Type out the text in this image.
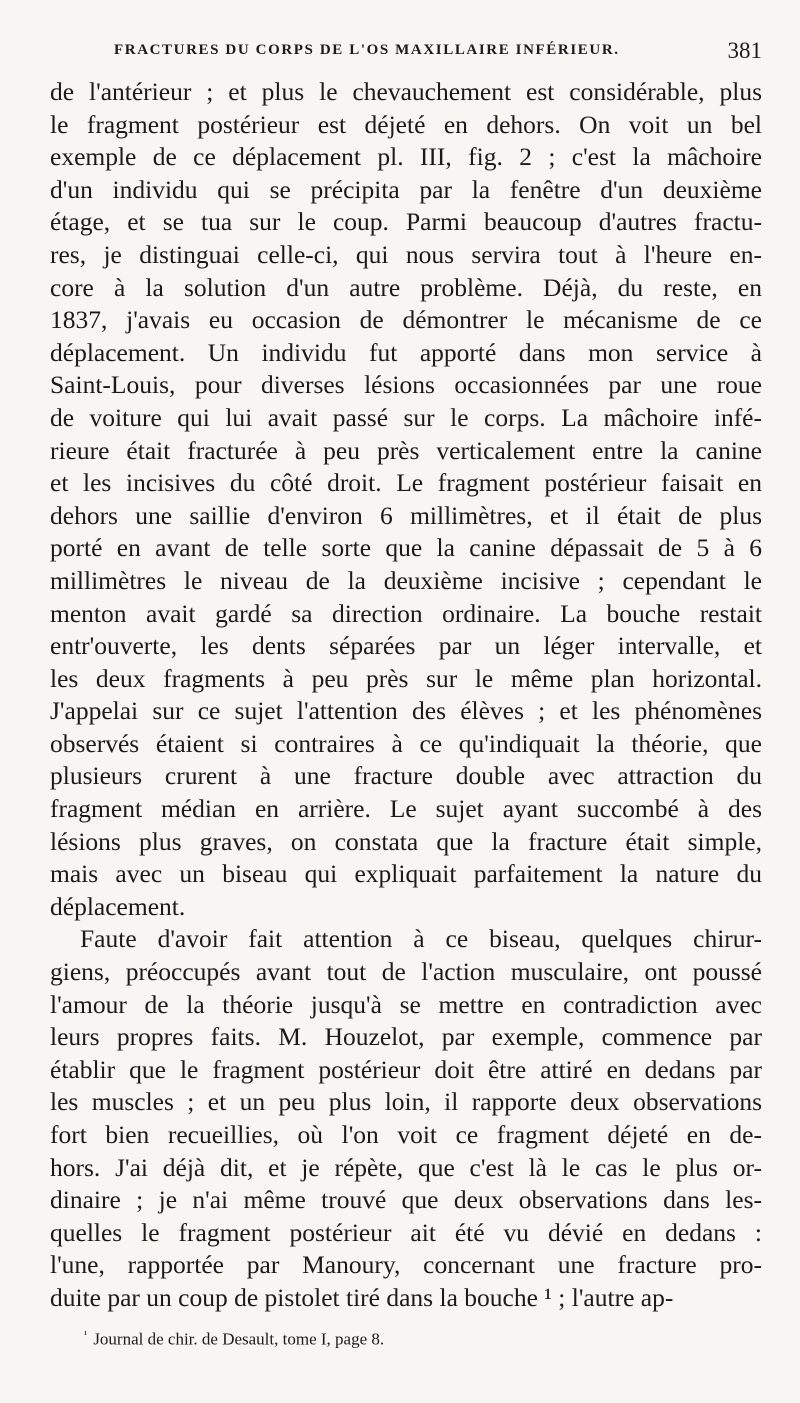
FRACTURES DU CORPS DE L'OS MAXILLAIRE INFÉRIEUR.	381
de l'antérieur ; et plus le chevauchement est considérable, plus
le fragment postérieur est déjeté en dehors. On voit un bel
exemple de ce déplacement pl. III, fig. 2 ; c'est la mâchoire
d'un individu qui se précipita par la fenêtre d'un deuxième
étage, et se tua sur le coup. Parmi beaucoup d'autres fractu-
res, je distinguai celle-ci, qui nous servira tout à l'heure en-
core à la solution d'un autre problème. Déjà, du reste, en
1837, j'avais eu occasion de démontrer le mécanisme de ce
déplacement. Un individu fut apporté dans mon service à
Saint-Louis, pour diverses lésions occasionnées par une roue
de voiture qui lui avait passé sur le corps. La mâchoire infé-
rieure était fracturée à peu près verticalement entre la canine
et les incisives du côté droit. Le fragment postérieur faisait en
dehors une saillie d'environ 6 millimètres, et il était de plus
porté en avant de telle sorte que la canine dépassait de 5 à 6
millimètres le niveau de la deuxième incisive ; cependant le
menton avait gardé sa direction ordinaire. La bouche restait
entr'ouverte, les dents séparées par un léger intervalle, et
les deux fragments à peu près sur le même plan horizontal.
J'appelai sur ce sujet l'attention des élèves ; et les phénomènes
observés étaient si contraires à ce qu'indiquait la théorie, que
plusieurs crurent à une fracture double avec attraction du
fragment médian en arrière. Le sujet ayant succombé à des
lésions plus graves, on constata que la fracture était simple,
mais avec un biseau qui expliquait parfaitement la nature du
déplacement.
Faute d'avoir fait attention à ce biseau, quelques chirur-
giens, préoccupés avant tout de l'action musculaire, ont poussé
l'amour de la théorie jusqu'à se mettre en contradiction avec
leurs propres faits. M. Houzelot, par exemple, commence par
établir que le fragment postérieur doit être attiré en dedans par
les muscles ; et un peu plus loin, il rapporte deux observations
fort bien recueillies, où l'on voit ce fragment déjeté en de-
hors. J'ai déjà dit, et je répète, que c'est là le cas le plus or-
dinaire ; je n'ai même trouvé que deux observations dans les-
quelles le fragment postérieur ait été vu dévié en dedans :
l'une, rapportée par Manoury, concernant une fracture pro-
duite par un coup de pistolet tiré dans la bouche ¹ ; l'autre ap-
$^{^1}$ Journal de chir. de Desault, tome I, page 8.
